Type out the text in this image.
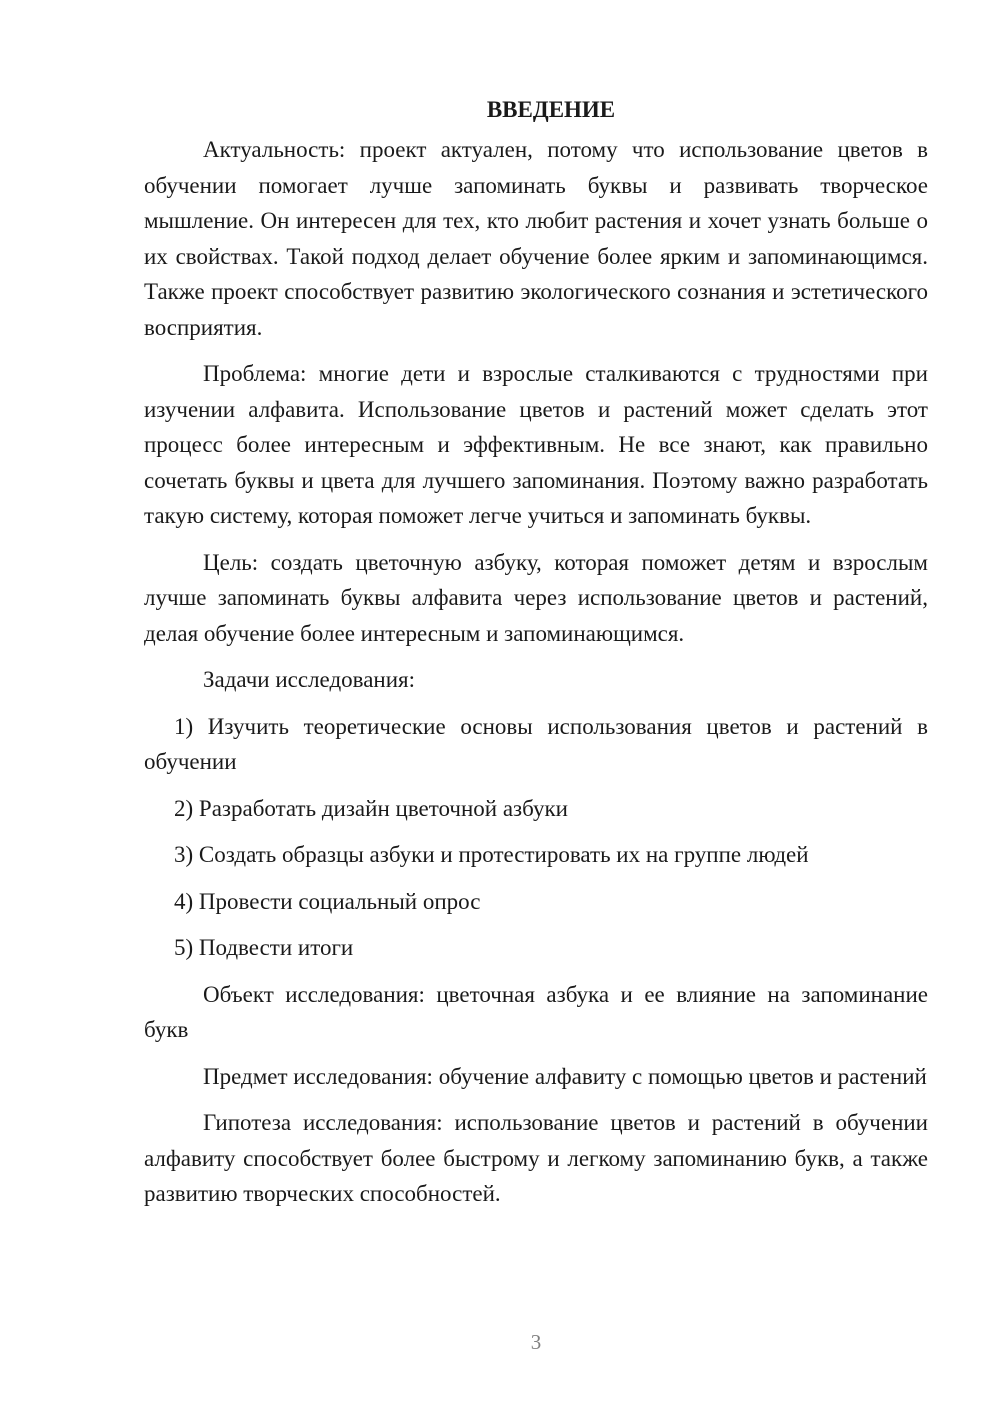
ВВЕДЕНИЕ

Актуальность: проект актуален, потому что использование цветов в обучении помогает лучше запоминать буквы и развивать творческое мышление. Он интересен для тех, кто любит растения и хочет узнать больше о их свойствах. Такой подход делает обучение более ярким и запоминающимся. Также проект способствует развитию экологического сознания и эстетического восприятия.

Проблема: многие дети и взрослые сталкиваются с трудностями при изучении алфавита. Использование цветов и растений может сделать этот процесс более интересным и эффективным. Не все знают, как правильно сочетать буквы и цвета для лучшего запоминания. Поэтому важно разработать такую систему, которая поможет легче учиться и запоминать буквы.

Цель: создать цветочную азбуку, которая поможет детям и взрослым лучше запоминать буквы алфавита через использование цветов и растений, делая обучение более интересным и запоминающимся.

Задачи исследования:

1) Изучить теоретические основы использования цветов и растений в обучении

2) Разработать дизайн цветочной азбуки

3) Создать образцы азбуки и протестировать их на группе людей

4) Провести социальный опрос

5) Подвести итоги

Объект исследования: цветочная азбука и ее влияние на запоминание букв

Предмет исследования: обучение алфавиту с помощью цветов и растений

Гипотеза исследования: использование цветов и растений в обучении алфавиту способствует более быстрому и легкому запоминанию букв, а также развитию творческих способностей.

3
